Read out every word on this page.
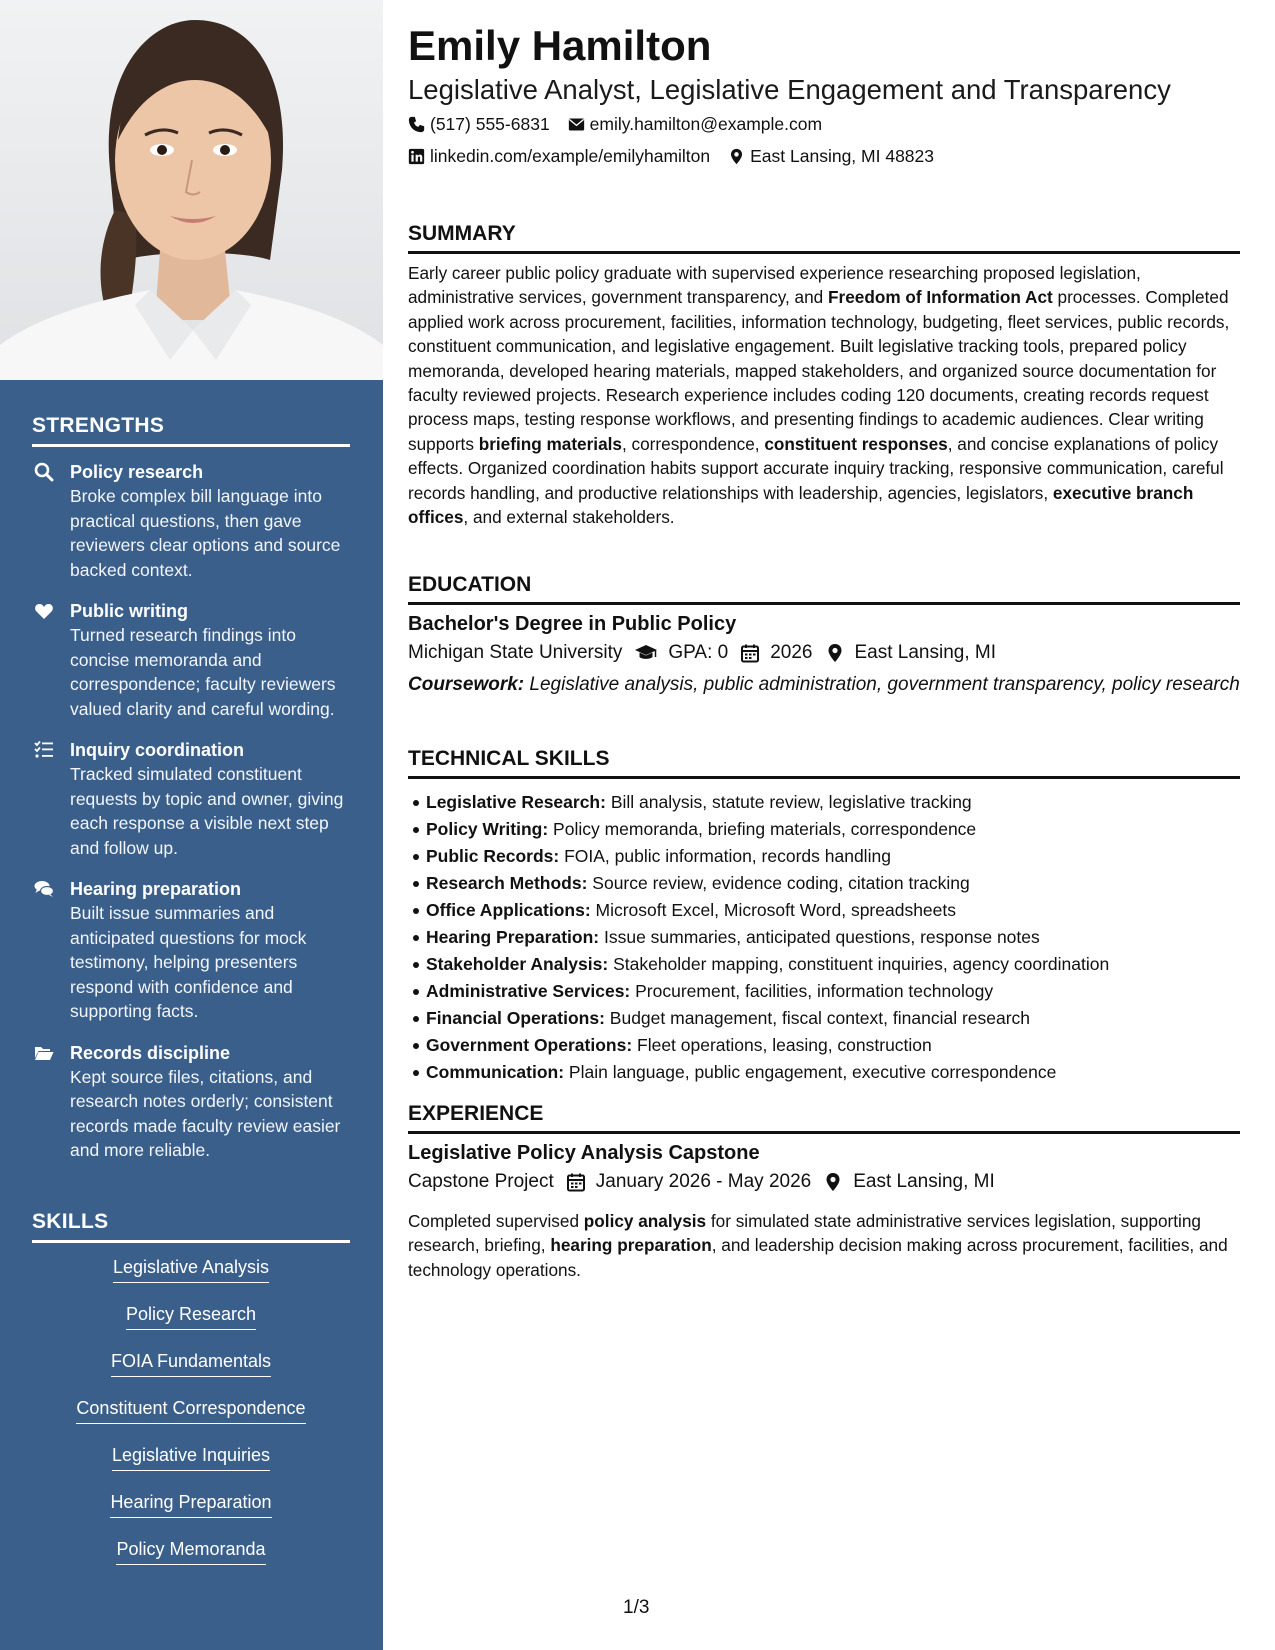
STRENGTHS
Policy research
Broke complex bill language into practical questions, then gave reviewers clear options and source backed context.
Public writing
Turned research findings into concise memoranda and correspondence; faculty reviewers valued clarity and careful wording.
Inquiry coordination
Tracked simulated constituent requests by topic and owner, giving each response a visible next step and follow up.
Hearing preparation
Built issue summaries and anticipated questions for mock testimony, helping presenters respond with confidence and supporting facts.
Records discipline
Kept source files, citations, and research notes orderly; consistent records made faculty review easier and more reliable.
SKILLS
Legislative Analysis
Policy Research
FOIA Fundamentals
Constituent Correspondence
Legislative Inquiries
Hearing Preparation
Policy Memoranda
Emily Hamilton
Legislative Analyst, Legislative Engagement and Transparency
(517) 555-6831 emily.hamilton@example.com
linkedin.com/example/emilyhamilton East Lansing, MI 48823
SUMMARY
Early career public policy graduate with supervised experience researching proposed legislation, administrative services, government transparency, and Freedom of Information Act processes. Completed applied work across procurement, facilities, information technology, budgeting, fleet services, public records, constituent communication, and legislative engagement. Built legislative tracking tools, prepared policy memoranda, developed hearing materials, mapped stakeholders, and organized source documentation for faculty reviewed projects. Research experience includes coding 120 documents, creating records request process maps, testing response workflows, and presenting findings to academic audiences. Clear writing supports briefing materials, correspondence, constituent responses, and concise explanations of policy effects. Organized coordination habits support accurate inquiry tracking, responsive communication, careful records handling, and productive relationships with leadership, agencies, legislators, executive branch offices, and external stakeholders.
EDUCATION
Bachelor's Degree in Public Policy
Michigan State University GPA: 0 2026 East Lansing, MI
Coursework: Legislative analysis, public administration, government transparency, policy research
TECHNICAL SKILLS
Legislative Research: Bill analysis, statute review, legislative tracking
Policy Writing: Policy memoranda, briefing materials, correspondence
Public Records: FOIA, public information, records handling
Research Methods: Source review, evidence coding, citation tracking
Office Applications: Microsoft Excel, Microsoft Word, spreadsheets
Hearing Preparation: Issue summaries, anticipated questions, response notes
Stakeholder Analysis: Stakeholder mapping, constituent inquiries, agency coordination
Administrative Services: Procurement, facilities, information technology
Financial Operations: Budget management, fiscal context, financial research
Government Operations: Fleet operations, leasing, construction
Communication: Plain language, public engagement, executive correspondence
EXPERIENCE
Legislative Policy Analysis Capstone
Capstone Project January 2026 - May 2026 East Lansing, MI
Completed supervised policy analysis for simulated state administrative services legislation, supporting research, briefing, hearing preparation, and leadership decision making across procurement, facilities, and technology operations.
1/3
